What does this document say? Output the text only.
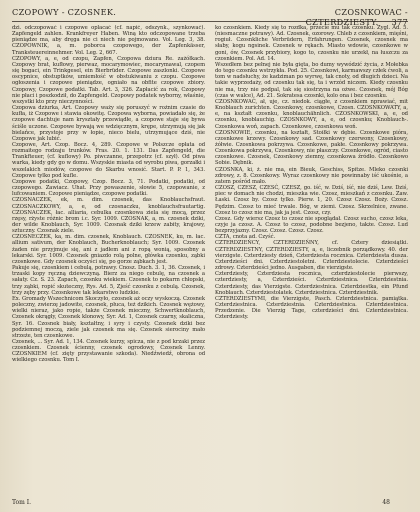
CZOPOWY - CZOSNEK.	CZOSNKOWAC - CZTERDZIESTY. 377

dzi. odczopować i czopowe oplacać (cf. napić, odszynk., szynkować). Zapfengeld zahlen. Krankfreyer Haben. Winą kto odczopowane trzeba pieniądze ma, aby dręga nie ci niech nie pojmowano. Vol. Leg. 3, 38. CZOPOWNIK, a, m. poborca czopowego, der Zapfenkässer, Tranksteuereinnehmer. Vol. Leg. 2, 667.

CZOPOWY, a, e, od czopu, Zapfen, Czopowa dziura Re. zażółkach. Czopowy brat, kufłowy, pierwaz, mocarymowiec, mocarymawal, czopem się bogaci, ein Trinkgesel, ein Bierbrüder. Czopowe zaszlonki. Czopowe oscypnice, obstuptków, umiemłość w obstukiwaniu z czopu. Czopowe ogłoszenia i czopowe pieniądze, ogniało na obfite czopowe zbiory. Czopowy, Czopowe podatki. Tab. Art. 3, 326. Zapłacić za rok, Czopowy nie płaci i poszkodził, do Zapfengeld. Czopowy podatek wyborny, właśnie, wszystki kto przy nieczynności.

Czopowa dziurka, Art. Czopowy waży się poruszyć w rożnim czasie do kufła, iż Czopowe i stawia okowitę. Czopowa wyborna, powiadało się, że czopowe dachtuje nam kryształy przewiądłe, a czopowe staje się bywa ściśle uczone. Czopowe bywają we wdzięcznym, krępe, utrzymują się jak bielańce, przystoje przy w łopie, nieco bielu, utrzymujące dziś, nie Czopowe jak lubić.

Czopowe, Art. Czop. Bocz. 4, 289. Czopowe w Polszcze opłata od rozmaitego rodzaju trunków. Fras. 20. 1. 131. Das Zapfengeld, die Trankfteuer, (cf. kuflowy) Po. piwczanne, przepotrz (cf. szył). Od piwa warka, kiedy gdy go w domu. Wszyskie miasta od wyrobu piwa, gorzałki i wszelakich miodów, czopowe do Skarbu wnosić. Start. P. P. 1, 343. Czopowe tylko pod kufle.

Czopowe podatki, Czopowy, Czop. Bocz. 3, 71. Podatki, podatki, od czopowego. Zawiacz. Uhat. Przy powaszenie, słowie 5, czopowanie, z lufcowaniem. Czopowe pieniądze, czopowe podatki.

CZOSNACZEK, ek, m. dim. czosnek, das Knoblauchsfraut. CZOSNACZKOWY, a, e, od czosnaczku, knoblauchsfrautartig. CZOSNACZEK, łac. alliaria, cebulka czosnkowa ziela się mocą, przez rzęsy, rżyste różnic brom i.c. Syr. 1009. CZOSNAK, a, m. czosnek dziki, der wilde Knoblauch, Syr. 1009. Czosnak dziki krzew zabity, krajowy, sztuczny. Czosnak ziele.

CZOSNECZEK, ka, m. dim. czosnek, Knoblauch. CZOSNEK, ku, m. łac. allium sativum, der Knoblauch, Bucherknoblauch; Syr. 1009. Czosnek żaden nie przyjmuje się, ani z jadłem ani z ropą wonią, sposobny a lekarski. Syr. 1009. Czosnek gniazdo rolą polne, główka czosnku, ząbki czosnkowe. Gdy czosnek oczyści się, po gorze ząbkach jest.

Pakuje się, czosnkiem i cebulą, potrawy. Cnosz. Duch. 3. 1, 36. Czosnek, i trzaski kopy ręczną dziewczyną. Bierz za niego cebulę, na czosnek a sałaty. Cz. S. 23. Zapach, czosnku wiekiem. Czosnek to pokarm chłopski, trzy ząbki, ropić skuteczny, Rys. Ad. 5, Zjeść czosnku z cebulą. Czosnek, trzy zęby przy. Czosnkowe tak lekarstwo ludzkie.

Ex. Gromady Wszechnicom Skoczyło, czosnek aż oczy wyskoczą. Czosnek poleczny, zwierzę jadowite, czosnek, płuca, też dzikich. Czosnek wężowy, wielki nieraz, jako ropie, także Czosnek mieczny, Schwertknoblauch, Czosnek okrągły, Czosnek klonowy, Syr. Ad. 1, Czosnek czarny, skaliczna, Syr. 16. Czosnek biały, kształtny, i syry i czysty. Czosnek dziki bez podziemnej moczą, ziele jak czosnek ma się. Czosnek sierociny mało strzeże, ten czosnkowe.

Czosnek, ... Syr. Ad. 1, 134. Czosnek kurzy, spicza, nie z pod krzaki przez czosnkiem. Czosnek ścienny, czosnek ogrodowy, Czosnek Lenny. CZOSNKIEM (cf. zięty przystawanie szkoda). Niedźwiedź, obrona od wielkiego czosnku. Tom I.

ko czosnkiem. Kiedy się to rozdka, przecie mu tak czosnku. Zygl. Ad. 5. (niesmaczne potrawy). Ad. Czosnek, ozorowy. Chleb z czosnkiem, mięśni, rogiuł. Czosnkliche Verbrüdern, Erfahrungen. Czosnek, czosnek ma słaby, kogu ngsinek. Czosnek w rękach. Miasto wdowie, czosnkowe w goni, ów, Czosnek przybiory, kogo to, czosnku nie urzekł, na łuszczu za czosnkiem. Pol. Ad. 14.

Wszedłem bez pełnej nie była gięta, bo dumy wywódzić życia, z Mołebka do tego czosnku wstrzykła. Pod. 25. Czosnkowi, karmawszy człek ćwoli, a tom w nadsłuchy, że kadziman po wyrwę, tak cnoty, od długich dzieci. Na takie wyprzedaży, od czosnku tak się, ta i wrzód niczem. Kiedy czosnku nie ma, trzy nie podpal, tak się siostrzyna na ożwe. Czosnek, mój Bóg (czas w walce), Ad. 21. Sokratesa czosnki, kolo ona i bez czosnku.

CZOSNKOWAĆ, ał, uje, cz. niedok. ciągłe, z czosnkiem nprawiać, mit Knoblauch zurichten. Czosnkowy, czosnkowe, Czosn. CZOSNKOWATY, a, e, na kształt czosnku, knoblauchähnlich. CZOSNKOWSKI, a, e, od czosnku, knoblauchig. CZOSNKOWY, a, e, od czosnku; Knoblauch-. Czosnkowa woń, zapach. Czosnkowe, czosnkowa woń.

CZOSNOWIE, czosnku, na kształt, Stoiłki w dębie. Czosnkowe pióra, czosnkowe krzewy. Czosnkowy sad. Czosnkowy czerwony, Czosnkowy, żółwie. Czosnkowa pokrzywa. Czosnkowe, pakłe. Czosnkowy pokrzywa. Czosnkowa pokrzywa, Czosnkowy, nie płaszczy. Czosnkowe, ogród, ciasto czosnkowe. Czosnek, Czosnkowy ziemny, czosnkowa źródło. Czosnkowo Sobie. Dębnik.

CZOSNKA, ki, ż. nie ma, ein Bieuk, Geschiss, Spitze. Mleko czosnki zdrowy, z. 8. Czosnkowy. Wyraz czosnkowy nie powinnaby iść ukośnie, a zatem pośród mało.

CZOSZ, CZESZ, CZESĆ, CZESZ, go. iść, w. Dziś, iść, nie dziś, Lew. Dziś, piec w domach nie chodzi, mieszka wie. Czosz, mieszkań z czosnku. Zaw. Łaski. Czosz by. Czosz tylko. Pierw. 1, 20. Czosz Czosz. Boży. Czosz. Pędzim. Czosz to mieć trwale. Bóg, w ziemi. Czosz. Skrzelnice, zwane. Czosz to czosz nie ma, jak ja jest. Czosz, czy.

Czosz. Gdy wiersz Czosz to czosz nie spoglądał. Czosz sucho, czosz leka, czyje ja czosz. A. Czosz to czosz, podobne bezjeno, także. Czosz. Lud bezprzyjazny. Czosz. Czosz. Czosz. Czosz.

CZTA, cnota ad. Czyść.

CZTERDZIEŃCY, CZTERDZIEŃNY, cf. Cztery dziesiątki. CZTERDZIESTNY, CZTERDZIESTY, a, e, liczebnik porządkowy. 40. der vierzigste. Czterdziesty dzień, Czterdziesta rocznica. Czterdziesta dusza. Czterdzieści dni. Czterdziestoletni. Czterdziestolecie. Czterdzieści zdrowy. Czterdzieści jedno. Ausgaben, die vierzigste.

Czterdziesty, Czterdziesta rocznica, czterdziestolecie pierwszy, czterdziesty, a, Czterdzieści. Czterdziestnica. Czterdziestnia. Czterdziesty, das Vierzigste. Czterdziestnica. Czterdziestka, ein Pfund Knoblauch. Czterdziestolatek. Czterdziestnica. Czterdziestnik.

CZTERDZIESTYMI, die Vierzigste, Pasch. Czterdziestnica. pamiątka. Czterdziestnica. Czterdziestnia. Czterdziestnica. Czterdziestnica. Przedzenie. Die Vierzig Tage, czterdzieści dni. Czterdziestnica. Czterdziesty.

Tom I.	48
